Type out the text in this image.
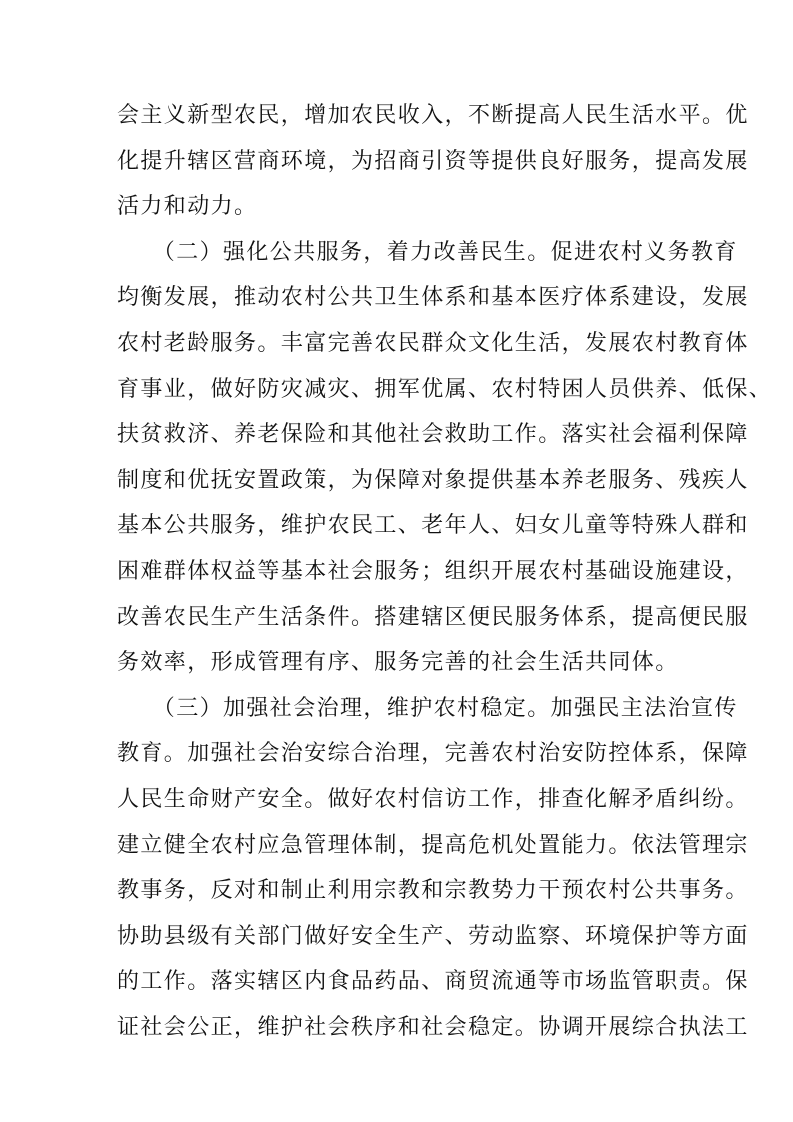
会主义新型农民，增加农民收入，不断提高人民生活水平。优
化提升辖区营商环境，为招商引资等提供良好服务，提高发展
活力和动力。
　　（二）强化公共服务，着力改善民生。促进农村义务教育
均衡发展，推动农村公共卫生体系和基本医疗体系建设，发展
农村老龄服务。丰富完善农民群众文化生活，发展农村教育体
育事业，做好防灾减灾、拥军优属、农村特困人员供养、低保、
扶贫救济、养老保险和其他社会救助工作。落实社会福利保障
制度和优抚安置政策，为保障对象提供基本养老服务、残疾人
基本公共服务，维护农民工、老年人、妇女儿童等特殊人群和
困难群体权益等基本社会服务；组织开展农村基础设施建设，
改善农民生产生活条件。搭建辖区便民服务体系，提高便民服
务效率，形成管理有序、服务完善的社会生活共同体。
　　（三）加强社会治理，维护农村稳定。加强民主法治宣传
教育。加强社会治安综合治理，完善农村治安防控体系，保障
人民生命财产安全。做好农村信访工作，排查化解矛盾纠纷。
建立健全农村应急管理体制，提高危机处置能力。依法管理宗
教事务，反对和制止利用宗教和宗教势力干预农村公共事务。
协助县级有关部门做好安全生产、劳动监察、环境保护等方面
的工作。落实辖区内食品药品、商贸流通等市场监管职责。保
证社会公正，维护社会秩序和社会稳定。协调开展综合执法工
